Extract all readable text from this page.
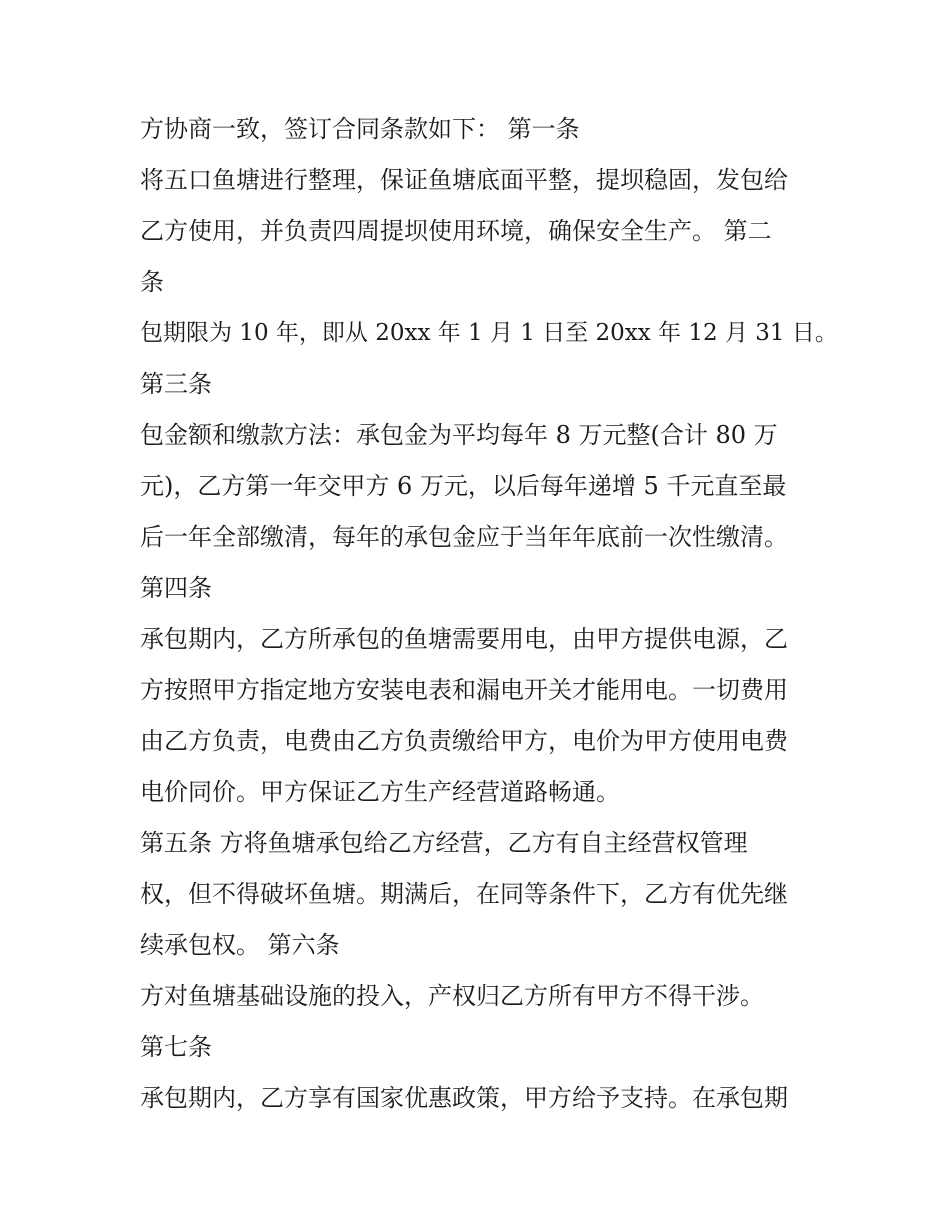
方协商一致，签订合同条款如下： 第一条

将五口鱼塘进行整理，保证鱼塘底面平整，提坝稳固，发包给

乙方使用，并负责四周提坝使用环境，确保安全生产。 第二

条

包期限为 10 年，即从 20xx 年 1 月 1 日至 20xx 年 12 月 31 日。

第三条

包金额和缴款方法：承包金为平均每年 8 万元整(合计 80 万

元)，乙方第一年交甲方 6 万元，以后每年递增 5 千元直至最

后一年全部缴清，每年的承包金应于当年年底前一次性缴清。

第四条

承包期内，乙方所承包的鱼塘需要用电，由甲方提供电源，乙

方按照甲方指定地方安装电表和漏电开关才能用电。一切费用

由乙方负责，电费由乙方负责缴给甲方，电价为甲方使用电费

电价同价。甲方保证乙方生产经营道路畅通。

第五条 方将鱼塘承包给乙方经营，乙方有自主经营权管理

权，但不得破坏鱼塘。期满后，在同等条件下，乙方有优先继

续承包权。 第六条

方对鱼塘基础设施的投入，产权归乙方所有甲方不得干涉。

第七条

承包期内，乙方享有国家优惠政策，甲方给予支持。在承包期
